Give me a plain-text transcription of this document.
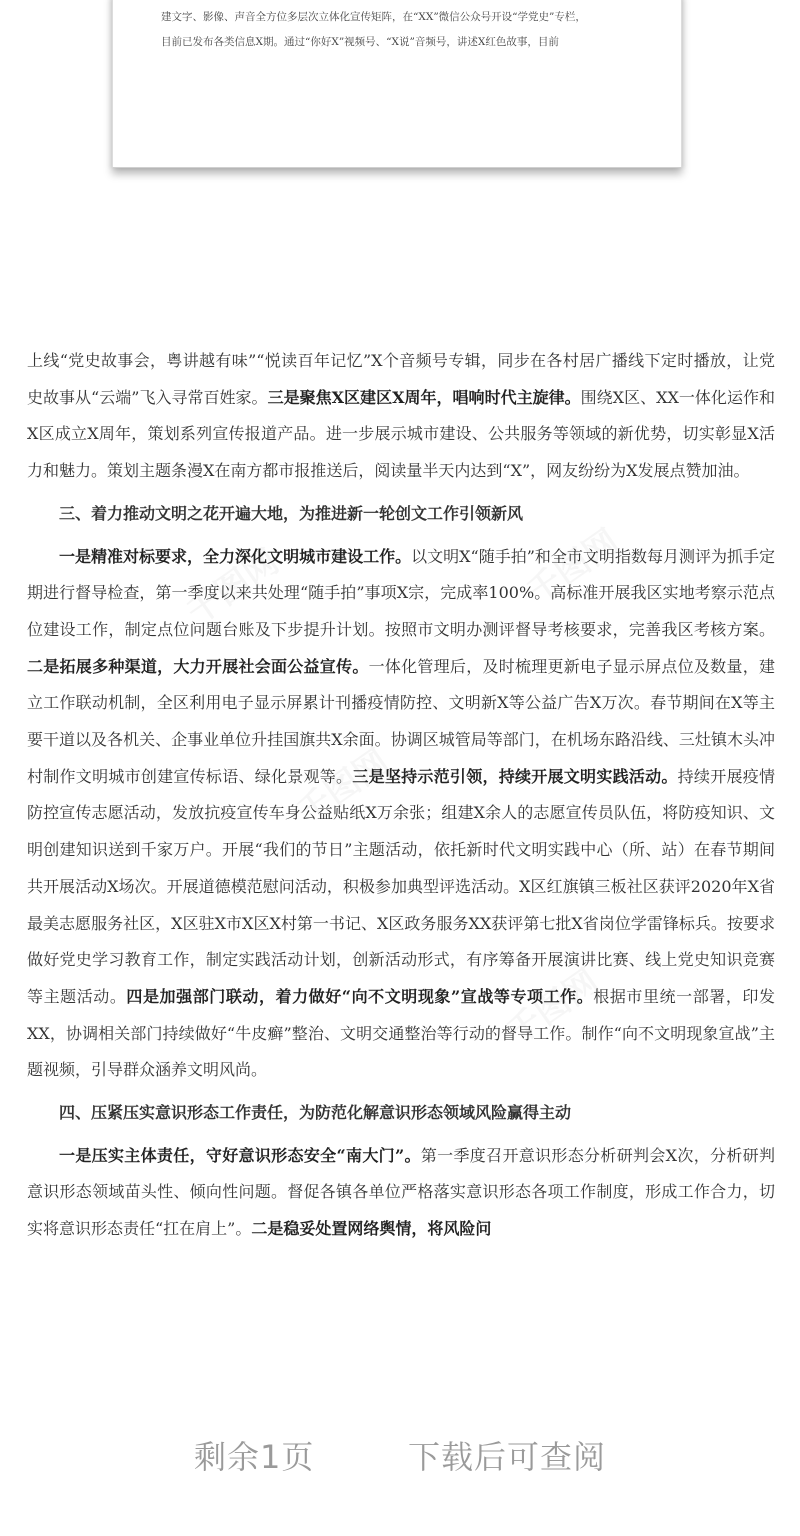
建文字、影像、声音全方位多层次立体化宣传矩阵，在“XX”微信公众号开设“学党史”专栏，
目前已发布各类信息X期。通过“你好X”视频号、“X说”音频号，讲述X红色故事，目前

上线“党史故事会，粤讲越有味”“悦读百年记忆”X个音频号专辑，同步在各村居广播线下定时播放，让党史故事从“云端”飞入寻常百姓家。三是聚焦X区建区X周年，唱响时代主旋律。围绕X区、XX一体化运作和X区成立X周年，策划系列宣传报道产品。进一步展示城市建设、公共服务等领域的新优势，切实彰显X活力和魅力。策划主题条漫X在南方都市报推送后，阅读量半天内达到“X”，网友纷纷为X发展点赞加油。

三、着力推动文明之花开遍大地，为推进新一轮创文工作引领新风

一是精准对标要求，全力深化文明城市建设工作。以文明X“随手拍”和全市文明指数每月测评为抓手定期进行督导检查，第一季度以来共处理“随手拍”事项X宗，完成率100%。高标准开展我区实地考察示范点位建设工作，制定点位问题台账及下步提升计划。按照市文明办测评督导考核要求，完善我区考核方案。二是拓展多种渠道，大力开展社会面公益宣传。一体化管理后，及时梳理更新电子显示屏点位及数量，建立工作联动机制，全区利用电子显示屏累计刊播疫情防控、文明新X等公益广告X万次。春节期间在X等主要干道以及各机关、企事业单位升挂国旗共X余面。协调区城管局等部门，在机场东路沿线、三灶镇木头冲村制作文明城市创建宣传标语、绿化景观等。三是坚持示范引领，持续开展文明实践活动。持续开展疫情防控宣传志愿活动，发放抗疫宣传车身公益贴纸X万余张；组建X余人的志愿宣传员队伍，将防疫知识、文明创建知识送到千家万户。开展“我们的节日”主题活动，依托新时代文明实践中心（所、站）在春节期间共开展活动X场次。开展道德模范慰问活动，积极参加典型评选活动。X区红旗镇三板社区获评2020年X省最美志愿服务社区，X区驻X市X区X村第一书记、X区政务服务XX获评第七批X省岗位学雷锋标兵。按要求做好党史学习教育工作，制定实践活动计划，创新活动形式，有序筹备开展演讲比赛、线上党史知识竞赛等主题活动。四是加强部门联动，着力做好“向不文明现象”宣战等专项工作。根据市里统一部署，印发XX，协调相关部门持续做好“牛皮癣”整治、文明交通整治等行动的督导工作。制作“向不文明现象宣战”主题视频，引导群众涵养文明风尚。

四、压紧压实意识形态工作责任，为防范化解意识形态领域风险赢得主动

一是压实主体责任，守好意识形态安全“南大门”。第一季度召开意识形态分析研判会X次，分析研判意识形态领域苗头性、倾向性问题。督促各镇各单位严格落实意识形态各项工作制度，形成工作合力，切实将意识形态责任“扛在肩上”。二是稳妥处置网络舆情，将风险问

剩余1页	下载后可查阅
